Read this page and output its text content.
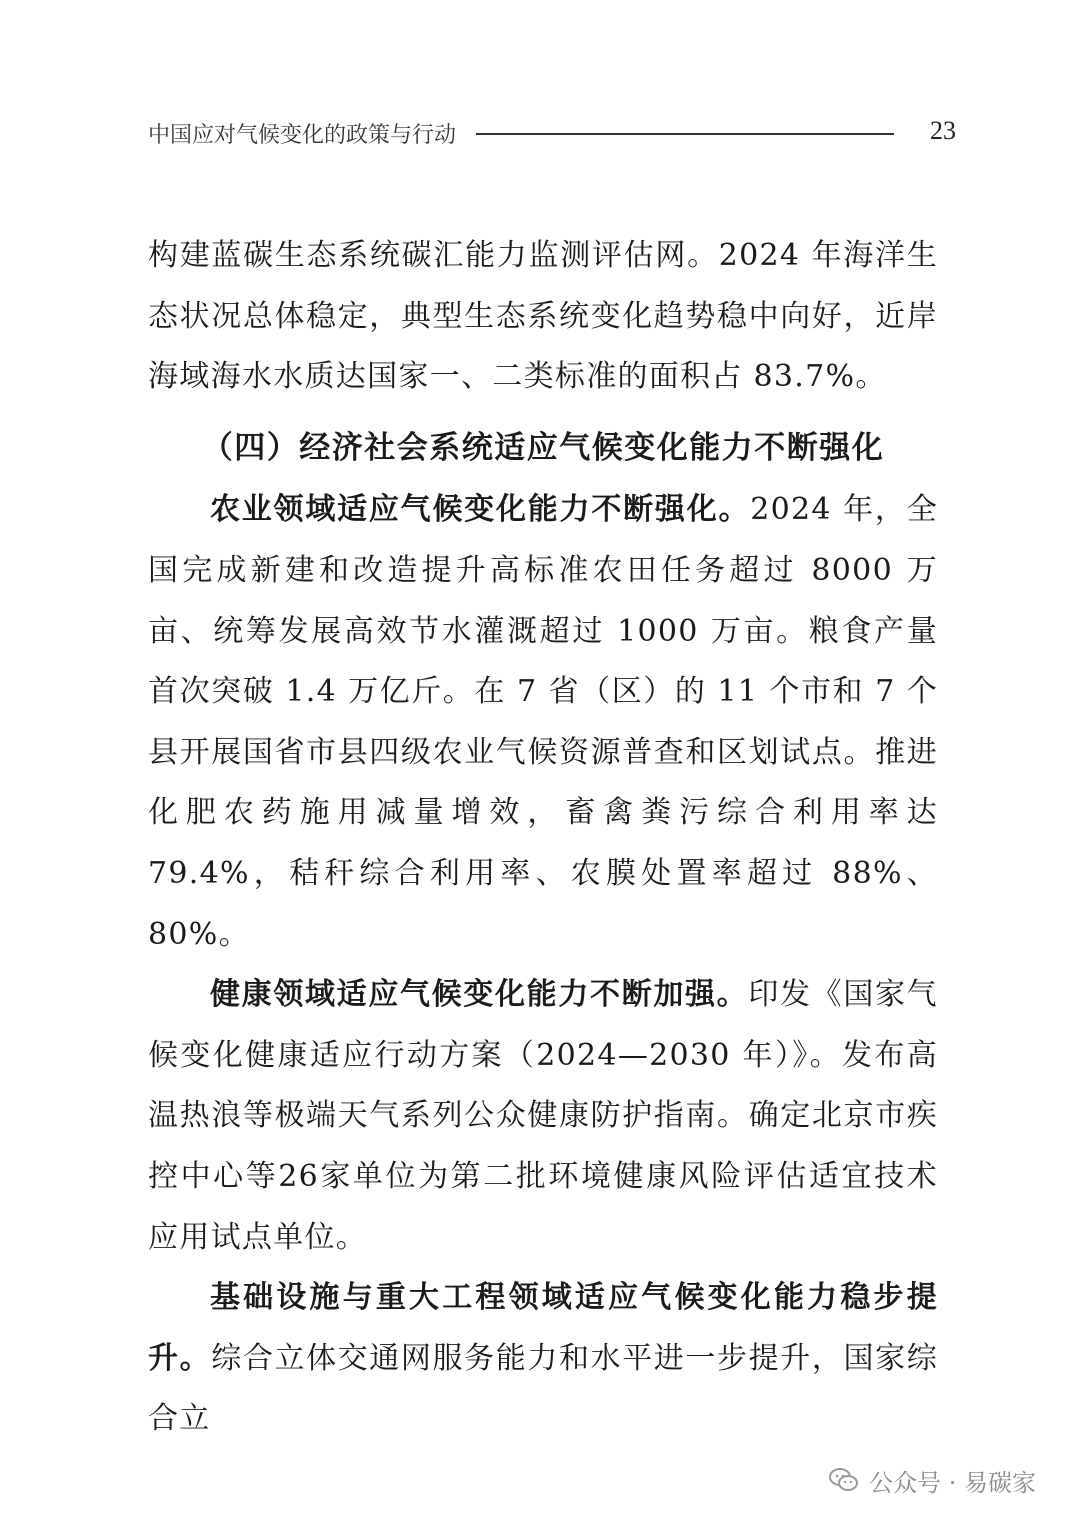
中国应对气候变化的政策与行动	23

构建蓝碳生态系统碳汇能力监测评估网。2024 年海洋生态状况总体稳定，典型生态系统变化趋势稳中向好，近岸海域海水水质达国家一、二类标准的面积占 83.7%。

（四）经济社会系统适应气候变化能力不断强化

农业领域适应气候变化能力不断强化。2024 年，全国完成新建和改造提升高标准农田任务超过 8000 万亩、统筹发展高效节水灌溉超过 1000 万亩。粮食产量首次突破 1.4 万亿斤。在 7 省（区）的 11 个市和 7 个县开展国省市县四级农业气候资源普查和区划试点。推进化肥农药施用减量增效，畜禽粪污综合利用率达 79.4%，秸秆综合利用率、农膜处置率超过 88%、80%。

健康领域适应气候变化能力不断加强。印发《国家气候变化健康适应行动方案（2024—2030 年）》。发布高温热浪等极端天气系列公众健康防护指南。确定北京市疾控中心等26家单位为第二批环境健康风险评估适宜技术应用试点单位。

基础设施与重大工程领域适应气候变化能力稳步提升。综合立体交通网服务能力和水平进一步提升，国家综合立

公众号 · 易碳家
